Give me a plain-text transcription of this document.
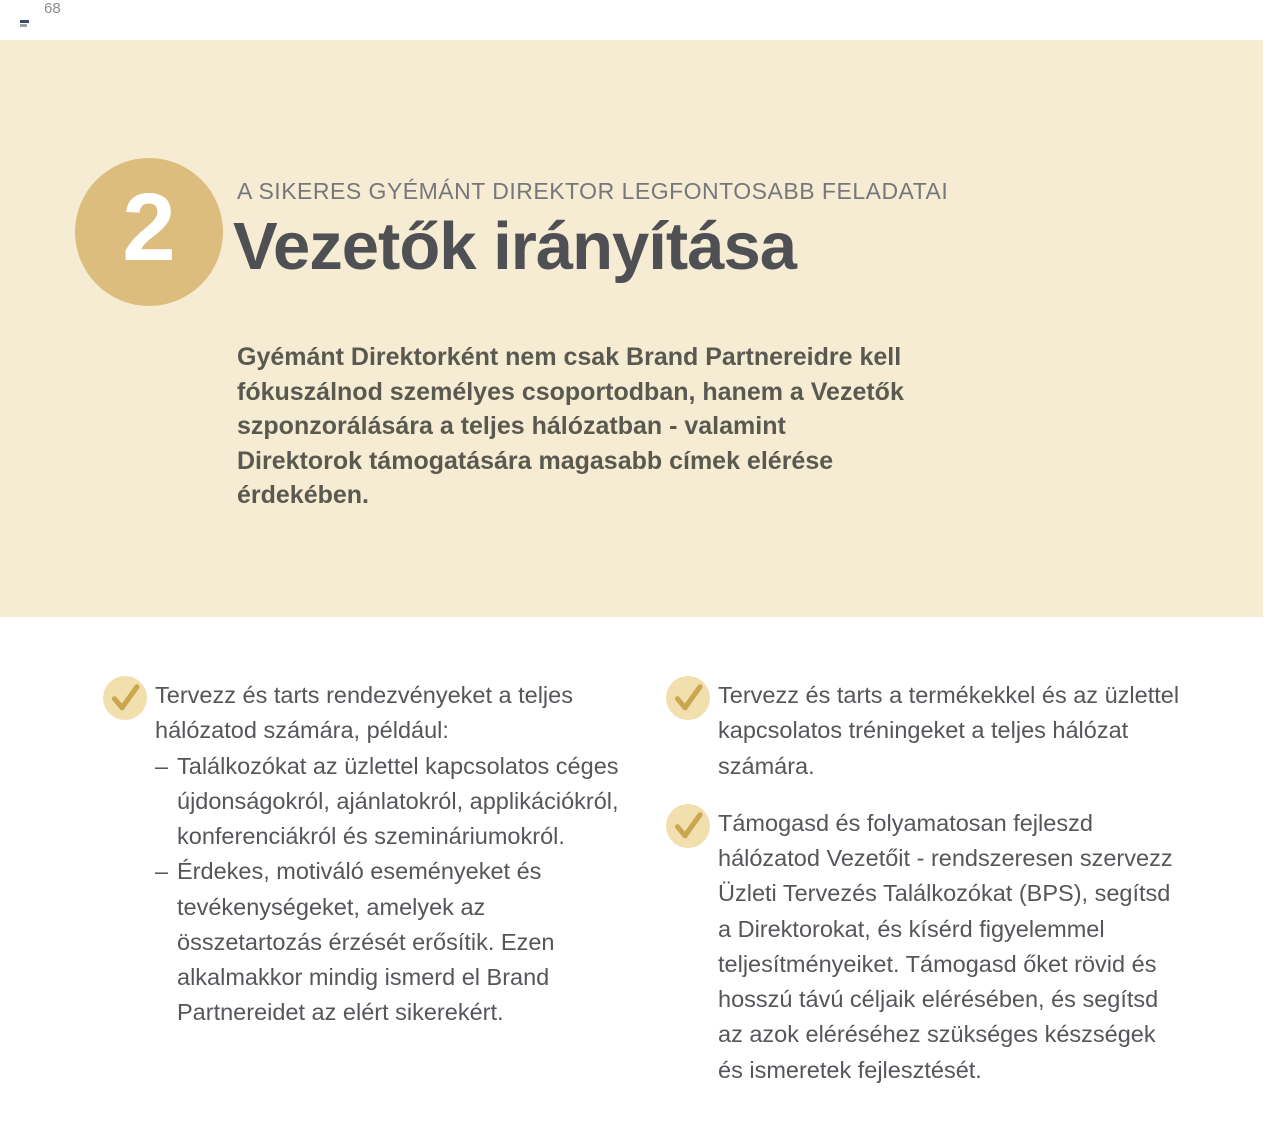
68
2	A SIKERES GYÉMÁNT DIREKTOR LEGFONTOSABB FELADATAI
Vezetők irányítása

Gyémánt Direktorként nem csak Brand Partnereidre kell fókuszálnod személyes csoportodban, hanem a Vezetők szponzorálására a teljes hálózatban - valamint Direktorok támogatására magasabb címek elérése érdekében.

Tervezz és tarts rendezvényeket a teljes hálózatod számára, például:

– Találkozókat az üzlettel kapcsolatos céges újdonságokról, ajánlatokról, applikációkról, konferenciákról és szemináriumokról.
– Érdekes, motiváló eseményeket és tevékenységeket, amelyek az összetartozás érzését erősítik. Ezen alkalmakkor mindig ismerd el Brand Partnereidet az elért sikerekért.
Tervezz és tarts a termékekkel és az üzlettel kapcsolatos tréningeket a teljes hálózat számára.
Támogasd és folyamatosan fejleszd hálózatod Vezetőit - rendszeresen szervezz Üzleti Tervezés Találkozókat (BPS), segítsd a Direktorokat, és kísérd figyelemmel teljesítményeiket. Támogasd őket rövid és hosszú távú céljaik elérésében, és segítsd az azok eléréséhez szükséges készségek és ismeretek fejlesztését.
